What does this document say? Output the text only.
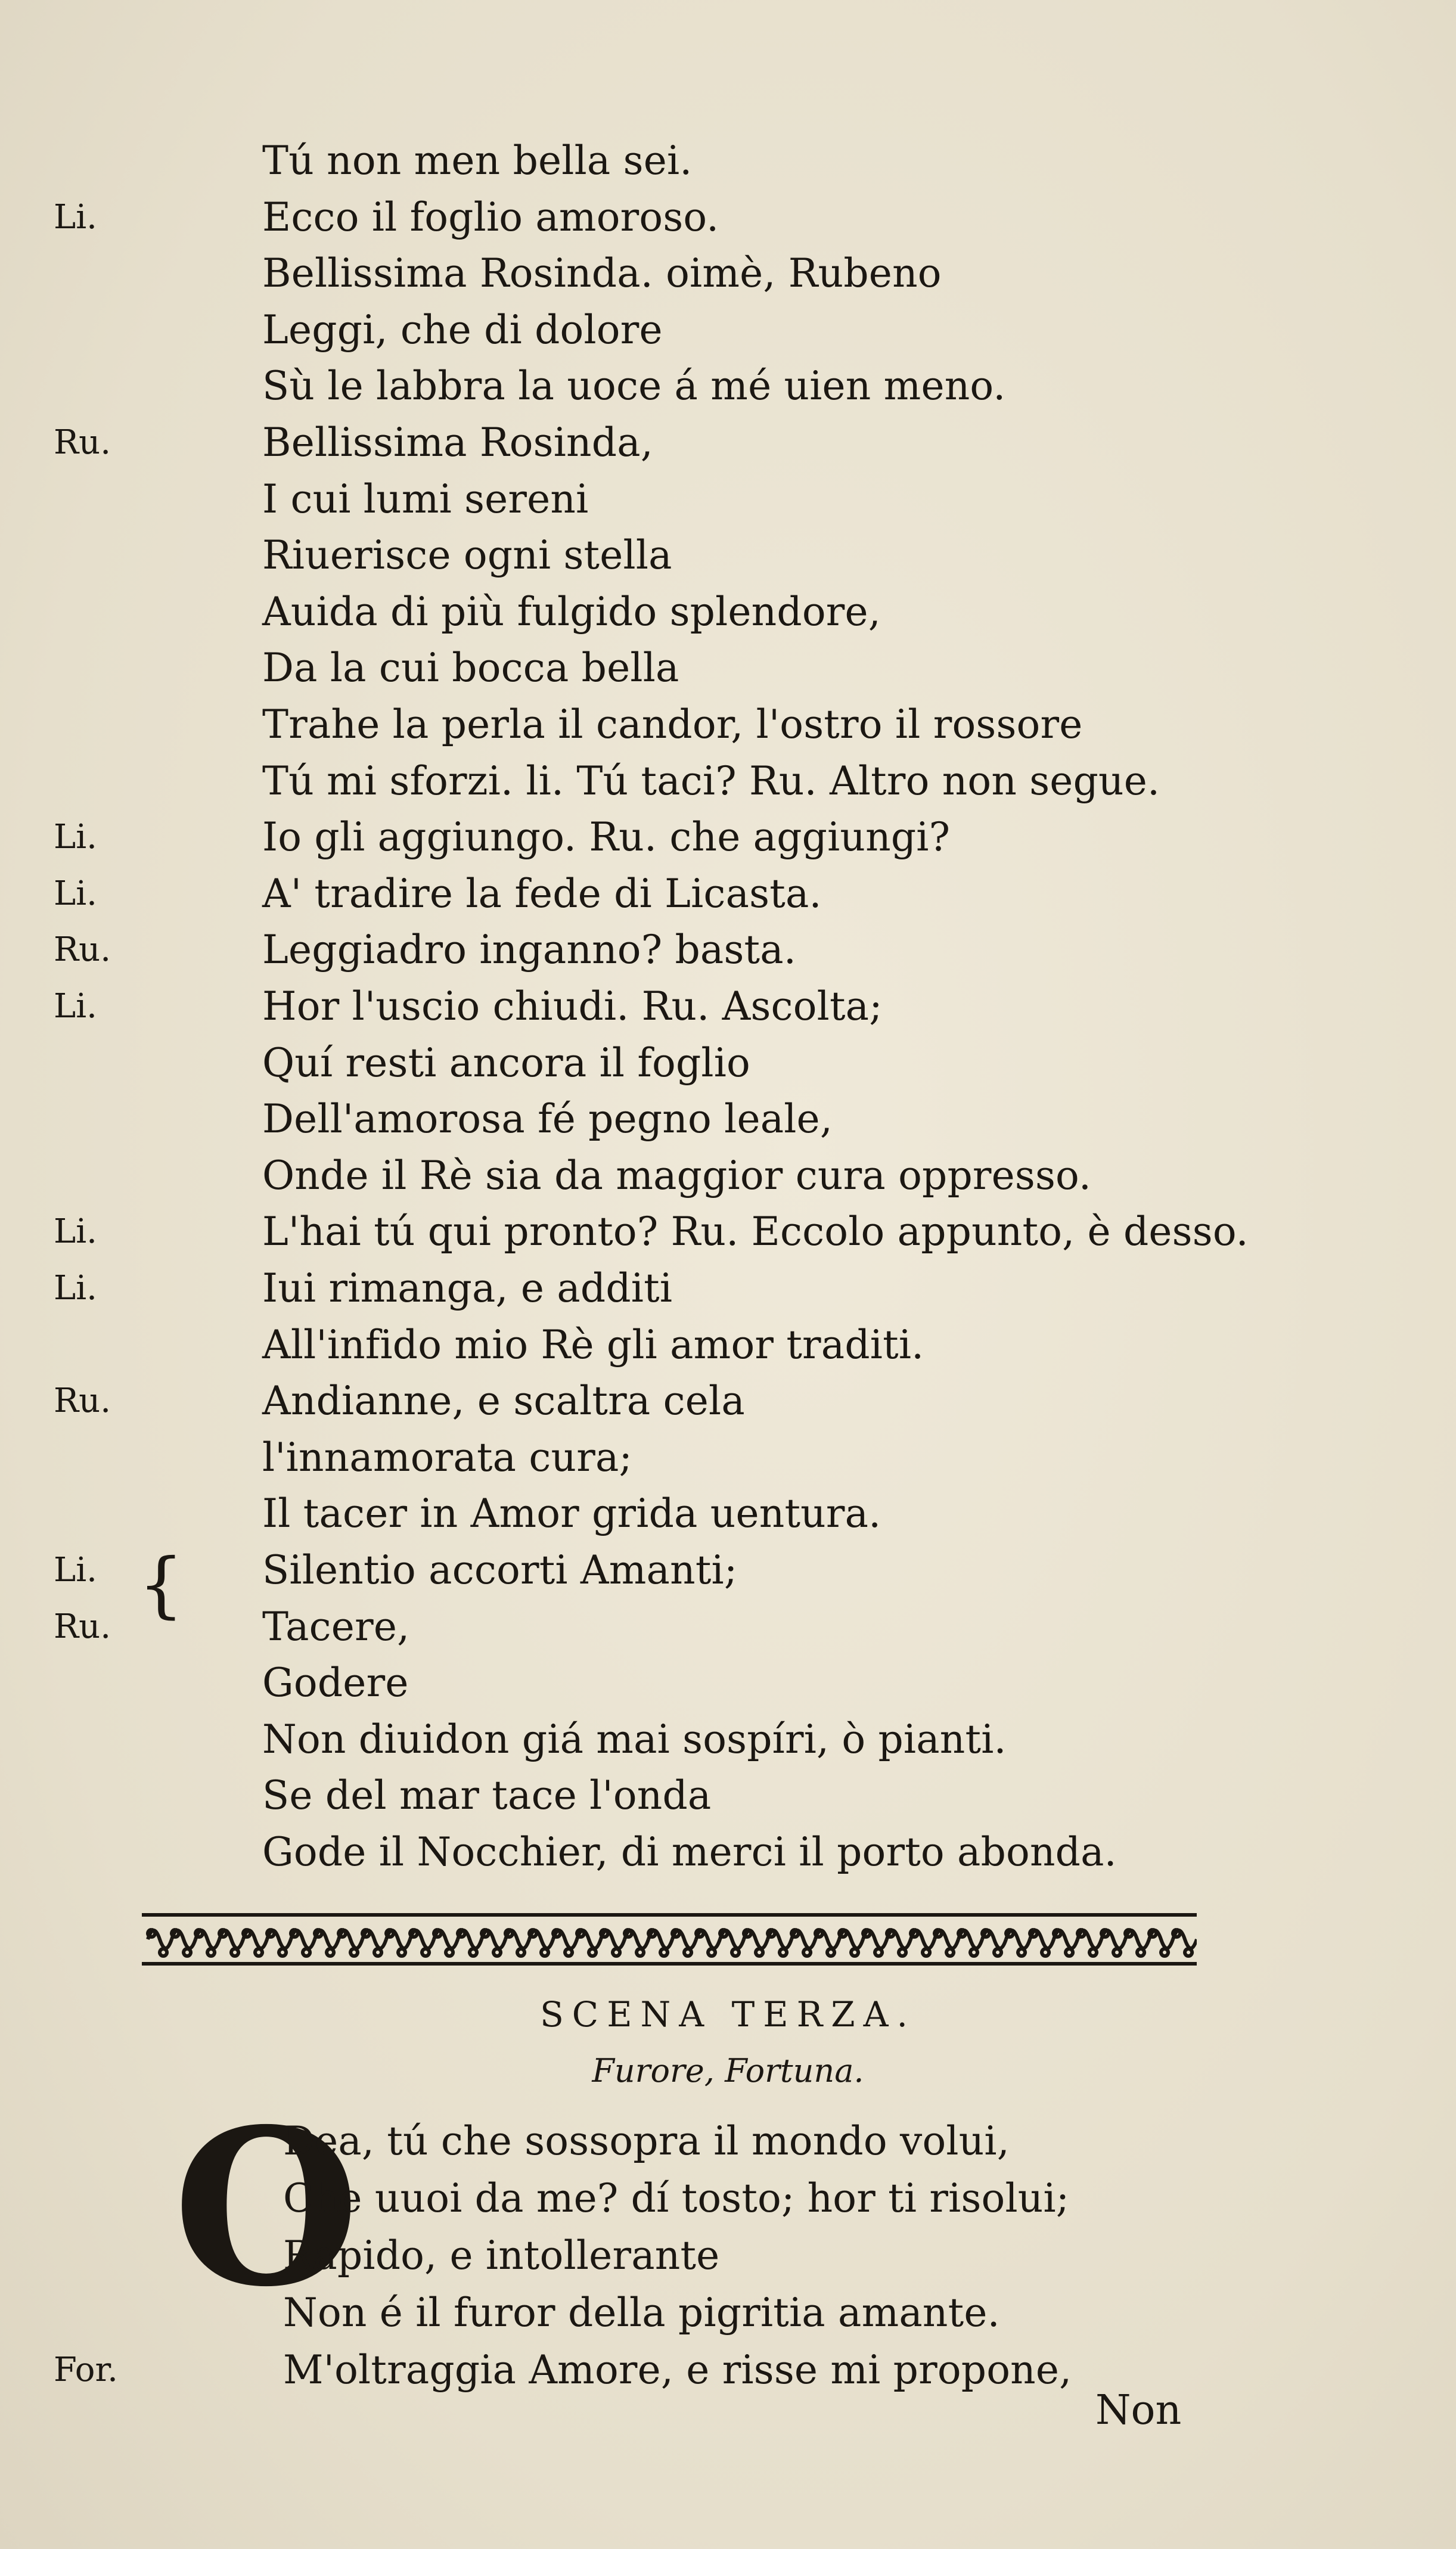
Tú non men bella sei.
Li.	Ecco il foglio amoroso.
Bellissima Rosinda. oimè, Rubeno
Leggi, che di dolore
Sù le labbra la uoce á mé uien meno.
Ru.	Bellissima Rosinda,
I cui lumi sereni
Riuerisce ogni stella
Auida di più fulgido splendore,
Da la cui bocca bella
Trahe la perla il candor, l'ostro il rossore
Tú mi sforzi. li. Tú taci? Ru. Altro non segue.
Li.	Io gli aggiungo. Ru. che aggiungi?
Li.	A' tradire la fede di Licasta.
Ru.	Leggiadro inganno? basta.
Li.	Hor l'uscio chiudi. Ru. Ascolta;
Quí resti ancora il foglio
Dell'amorosa fé pegno leale,
Onde il Rè sia da maggior cura oppresso.
Li.	L'hai tú qui pronto? Ru. Eccolo appunto, è desso.
Li.	Iui rimanga, e additi
All'infido mio Rè gli amor traditi.
Ru.	Andianne, e scaltra cela
l'innamorata cura;
Il tacer in Amor grida uentura.
Li.	Silentio accorti Amanti;
Ru.	Tacere,
Godere
Non diuidon giá mai sospíri, ò pianti.
Se del mar tace l'onda
Gode il Nocchier, di merci il porto abonda.
{
SCENA TERZA.
Furore, Fortuna.
O
Dea, tú che sossopra il mondo volui,
Che uuoi da me? dí tosto; hor ti risolui;
Rapido, e intollerante
Non é il furor della pigritia amante.
For.	M'oltraggia Amore, e risse mi propone,
Non
